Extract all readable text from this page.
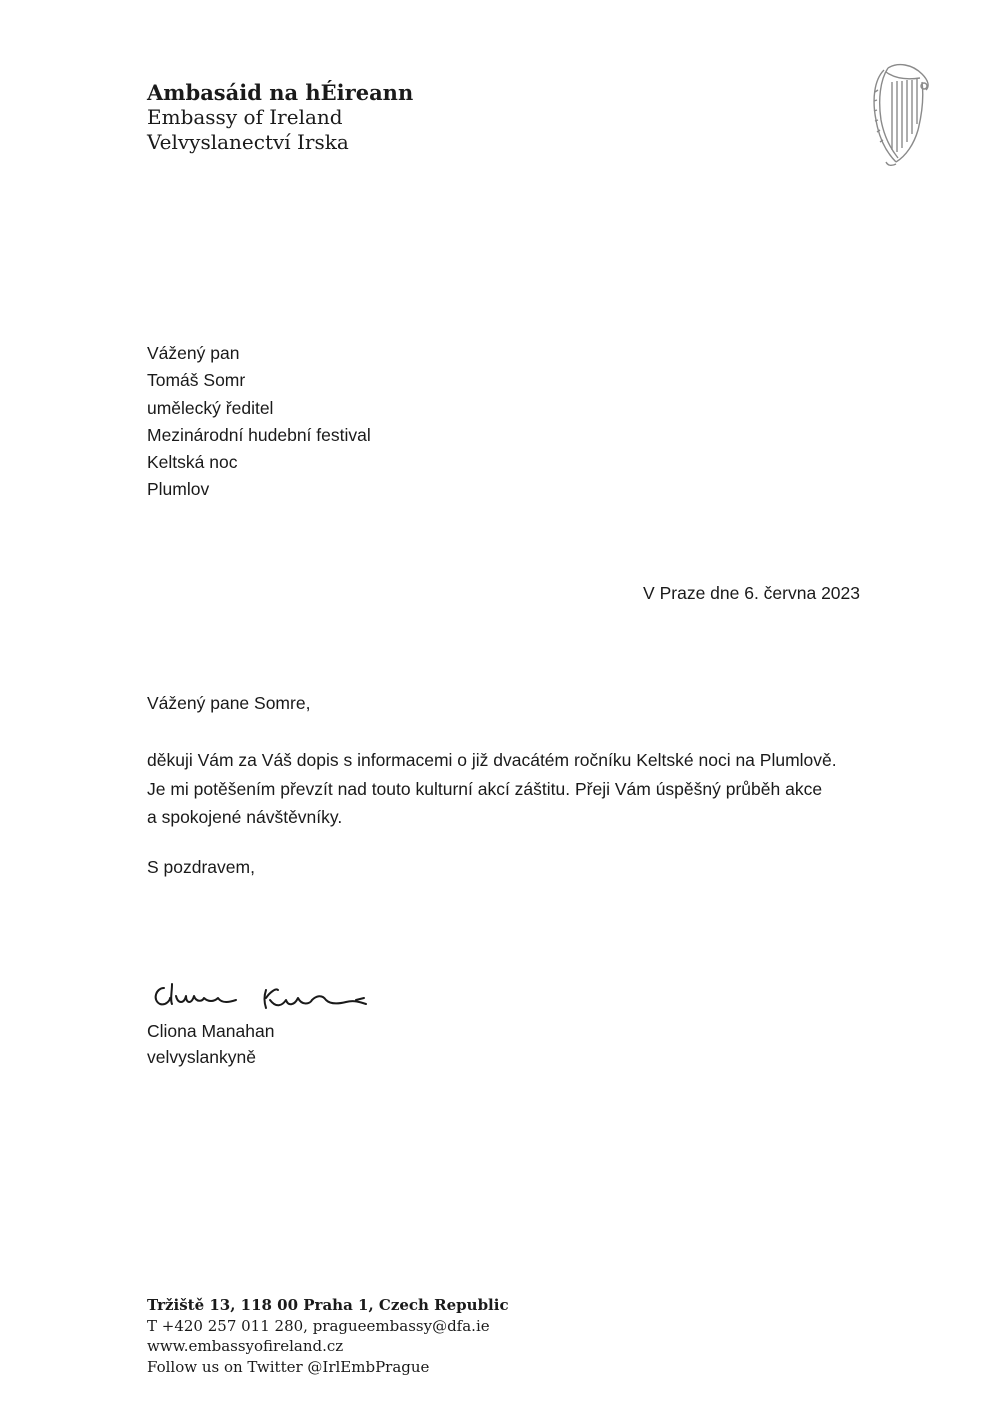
Ambasáid na hÉireann
Embassy of Ireland
Velvyslanectví Irska
Vážený pan
Tomáš Somr
umělecký ředitel
Mezinárodní hudební festival
Keltská noc
Plumlov
V Praze dne 6. června 2023
Vážený pane Somre,
děkuji Vám za Váš dopis s informacemi o již dvacátém ročníku Keltské noci na Plumlově.
Je mi potěšením převzít nad touto kulturní akcí záštitu. Přeji Vám úspěšný průběh akce
a spokojené návštěvníky.
S pozdravem,
Cliona Manahan
velvyslankyně
Tržiště 13, 118 00 Praha 1, Czech Republic
T +420 257 011 280, pragueembassy@dfa.ie
www.embassyofireland.cz
Follow us on Twitter @IrlEmbPrague
